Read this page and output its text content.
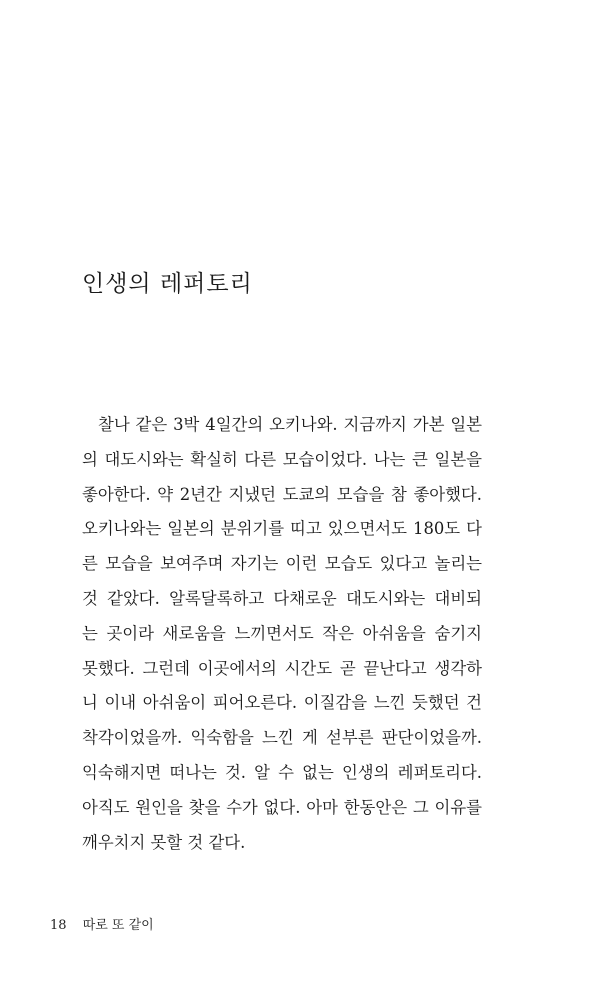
인생의 레퍼토리
찰나 같은 3박 4일간의 오키나와. 지금까지 가본 일본
의 대도시와는 확실히 다른 모습이었다. 나는 큰 일본을
좋아한다. 약 2년간 지냈던 도쿄의 모습을 참 좋아했다.
오키나와는 일본의 분위기를 띠고 있으면서도 180도 다
른 모습을 보여주며 자기는 이런 모습도 있다고 놀리는
것 같았다. 알록달록하고 다채로운 대도시와는 대비되
는 곳이라 새로움을 느끼면서도 작은 아쉬움을 숨기지
못했다. 그런데 이곳에서의 시간도 곧 끝난다고 생각하
니 이내 아쉬움이 피어오른다. 이질감을 느낀 듯했던 건
착각이었을까. 익숙함을 느낀 게 섣부른 판단이었을까.
익숙해지면 떠나는 것. 알 수 없는 인생의 레퍼토리다.
아직도 원인을 찾을 수가 없다. 아마 한동안은 그 이유를
깨우치지 못할 것 같다.
18 따로 또 같이
